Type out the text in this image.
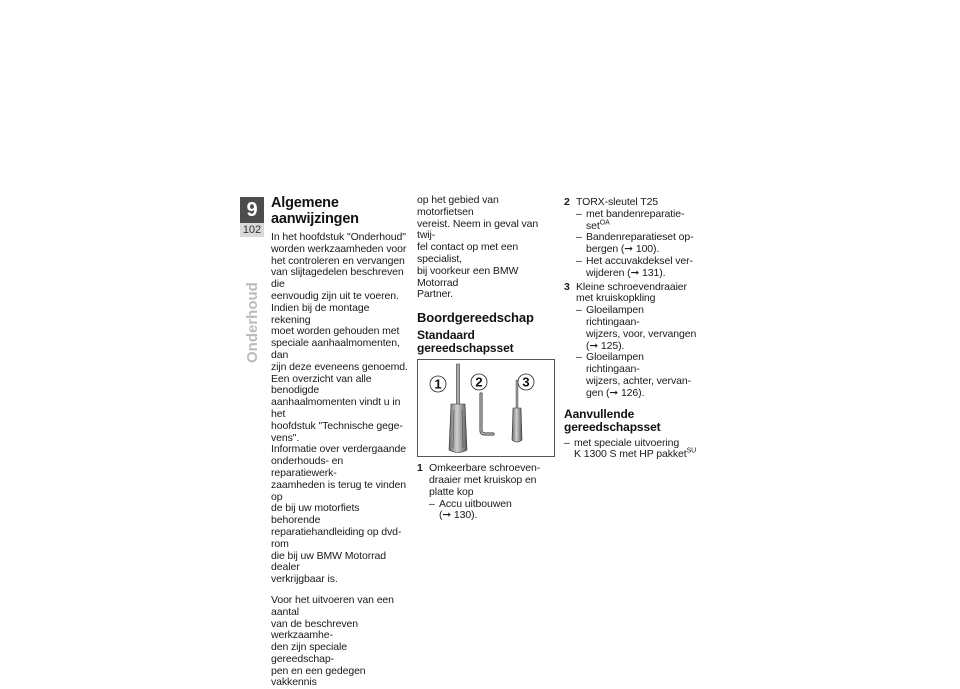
9
102
Onderhoud
Algemene aanwijzingen

In het hoofdstuk "Onderhoud"
worden werkzaamheden voor
het controleren en vervangen
van slijtagedelen beschreven die
eenvoudig zijn uit te voeren.
Indien bij de montage rekening
moet worden gehouden met
speciale aanhaalmomenten, dan
zijn deze eveneens genoemd.
Een overzicht van alle benodigde
aanhaalmomenten vindt u in het
hoofdstuk "Technische gege-
vens".
Informatie over verdergaande
onderhouds- en reparatiewerk-
zaamheden is terug te vinden op
de bij uw motorfiets behorende
reparatiehandleiding op dvd-rom
die bij uw BMW Motorrad dealer
verkrijgbaar is.

Voor het uitvoeren van een aantal
van de beschreven werkzaamhe-
den zijn speciale gereedschap-
pen en een gedegen vakkennis

op het gebied van motorfietsen
vereist. Neem in geval van twij-
fel contact op met een specialist,
bij voorkeur een BMW Motorrad
Partner.

Boordgereedschap
Standaard
gereedschapsset
1	2	3
1 Omkeerbare schroeven-
draaier met kruiskop en
platte kop
– Accu uitbouwen
(➞ 130).
2 TORX-sleutel T25
– met bandenreparatie-
set$^{OA}$
– Bandenreparatieset op-
bergen (➞ 100).
– Het accuvakdeksel ver-
wijderen (➞ 131).
3 Kleine schroevendraaier
met kruiskopkling
– Gloeilampen richtingaan-
wijzers, voor, vervangen
(➞ 125).
– Gloeilampen richtingaan-
wijzers, achter, vervan-
gen (➞ 126).
Aanvullende
gereedschapsset
– met speciale uitvoering
K 1300 S met HP pakket$^{SU}$
